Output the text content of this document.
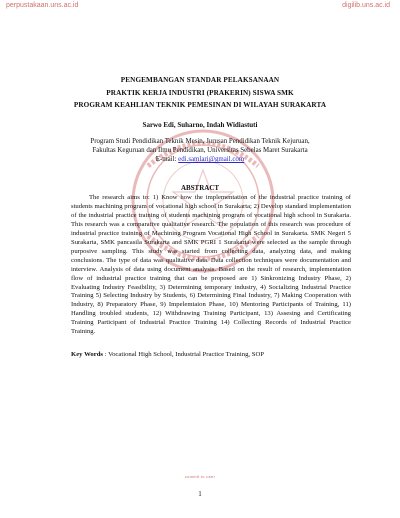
perpustakaan.uns.ac.id	digilib.uns.ac.id
PENGEMBANGAN STANDAR PELAKSANAAN
PRAKTIK KERJA INDUSTRI (PRAKERIN) SISWA SMK
PROGRAM KEAHLIAN TEKNIK PEMESINAN DI WILAYAH SURAKARTA
Sarwo Edi, Suharno, Indah Widiastuti
Program Studi Pendidikan Teknik Mesin, Jurusan Pendidikan Teknik Kejuruan,
Fakultas Keguruan dan Ilmu Pendidikan, Universitas Sebelas Maret Surakarta
E-mail: edi.samlari@gmail.com
ABSTRACT
The research aims to: 1) Know how the implementation of the industrial practice training of students machining program of vocational high school in Surakarta; 2) Develop standard implementation of the industrial practice training of students machining program of vocational high school in Surakarta. This research was a comparative qualitative research. The population of this research was procedure of industrial practice training of Machining Program Vocational High School in Surakarta. SMK Negeri 5 Surakarta, SMK pancasila Surakarta and SMK PGRI 1 Surakarta were selected as the sample through purposive sampling. This study was started from collecting data, analyzing data, and making conclusions. The type of data was qualitative data. Data collection techniques were documentation and interview. Analysis of data using document analysis. Based on the result of research, implementation flow of industrial practice training that can be proposed are 1) Sinkronizing Industry Phase, 2) Evaluating Industry Feasibility, 3) Determining temporary industry, 4) Socializing Industrial Practice Training 5) Selecting Industry by Students, 6) Determining Final Industry, 7) Making Cooperation with Industry, 8) Preparatory Phase, 9) Impelemtaion Phase, 10) Mentoring Participants of Training, 11) Handling troubled students, 12) Withdrawing Training Participant, 13) Assesing and Certificating Training Participant of Industrial Practice Training 14) Collecting Records of Industrial Practice Training.
Key Words : Vocational High School, Industrial Practice Training, SOP
commit to user
1
